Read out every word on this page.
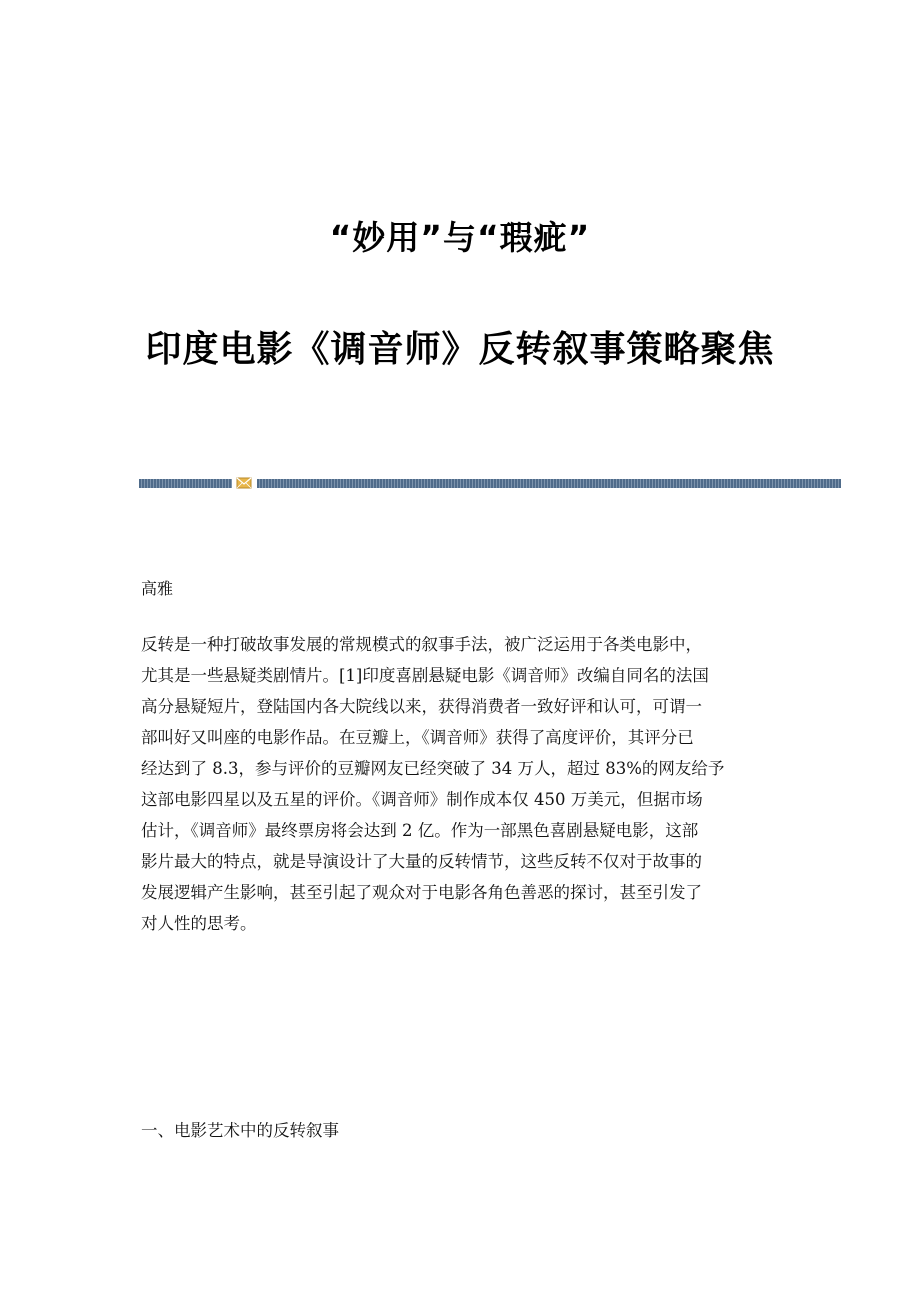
“妙用”与“瑕疵”
印度电影《调音师》反转叙事策略聚焦
高雅

反转是一种打破故事发展的常规模式的叙事手法，被广泛运用于各类电影中，
尤其是一些悬疑类剧情片。[1]印度喜剧悬疑电影《调音师》改编自同名的法国
高分悬疑短片，登陆国内各大院线以来，获得消费者一致好评和认可，可谓一
部叫好又叫座的电影作品。在豆瓣上，《调音师》获得了高度评价，其评分已
经达到了 8.3，参与评价的豆瓣网友已经突破了 34 万人，超过 83%的网友给予
这部电影四星以及五星的评价。《调音师》制作成本仅 450 万美元，但据市场
估计，《调音师》最终票房将会达到 2 亿。作为一部黑色喜剧悬疑电影，这部
影片最大的特点，就是导演设计了大量的反转情节，这些反转不仅对于故事的
发展逻辑产生影响，甚至引起了观众对于电影各角色善恶的探讨，甚至引发了
对人性的思考。

一、电影艺术中的反转叙事
